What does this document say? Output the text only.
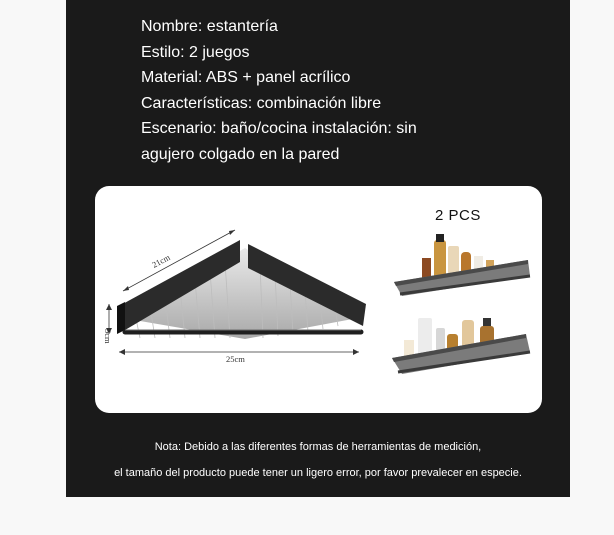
Nombre: estantería
Estilo: 2 juegos
Material: ABS + panel acrílico
Características: combinación libre
Escenario: baño/cocina instalación: sin
agujero colgado en la pared
21cm
5cm
25cm
2 PCS
Nota: Debido a las diferentes formas de herramientas de medición,
el tamaño del producto puede tener un ligero error, por favor prevalecer en especie.
